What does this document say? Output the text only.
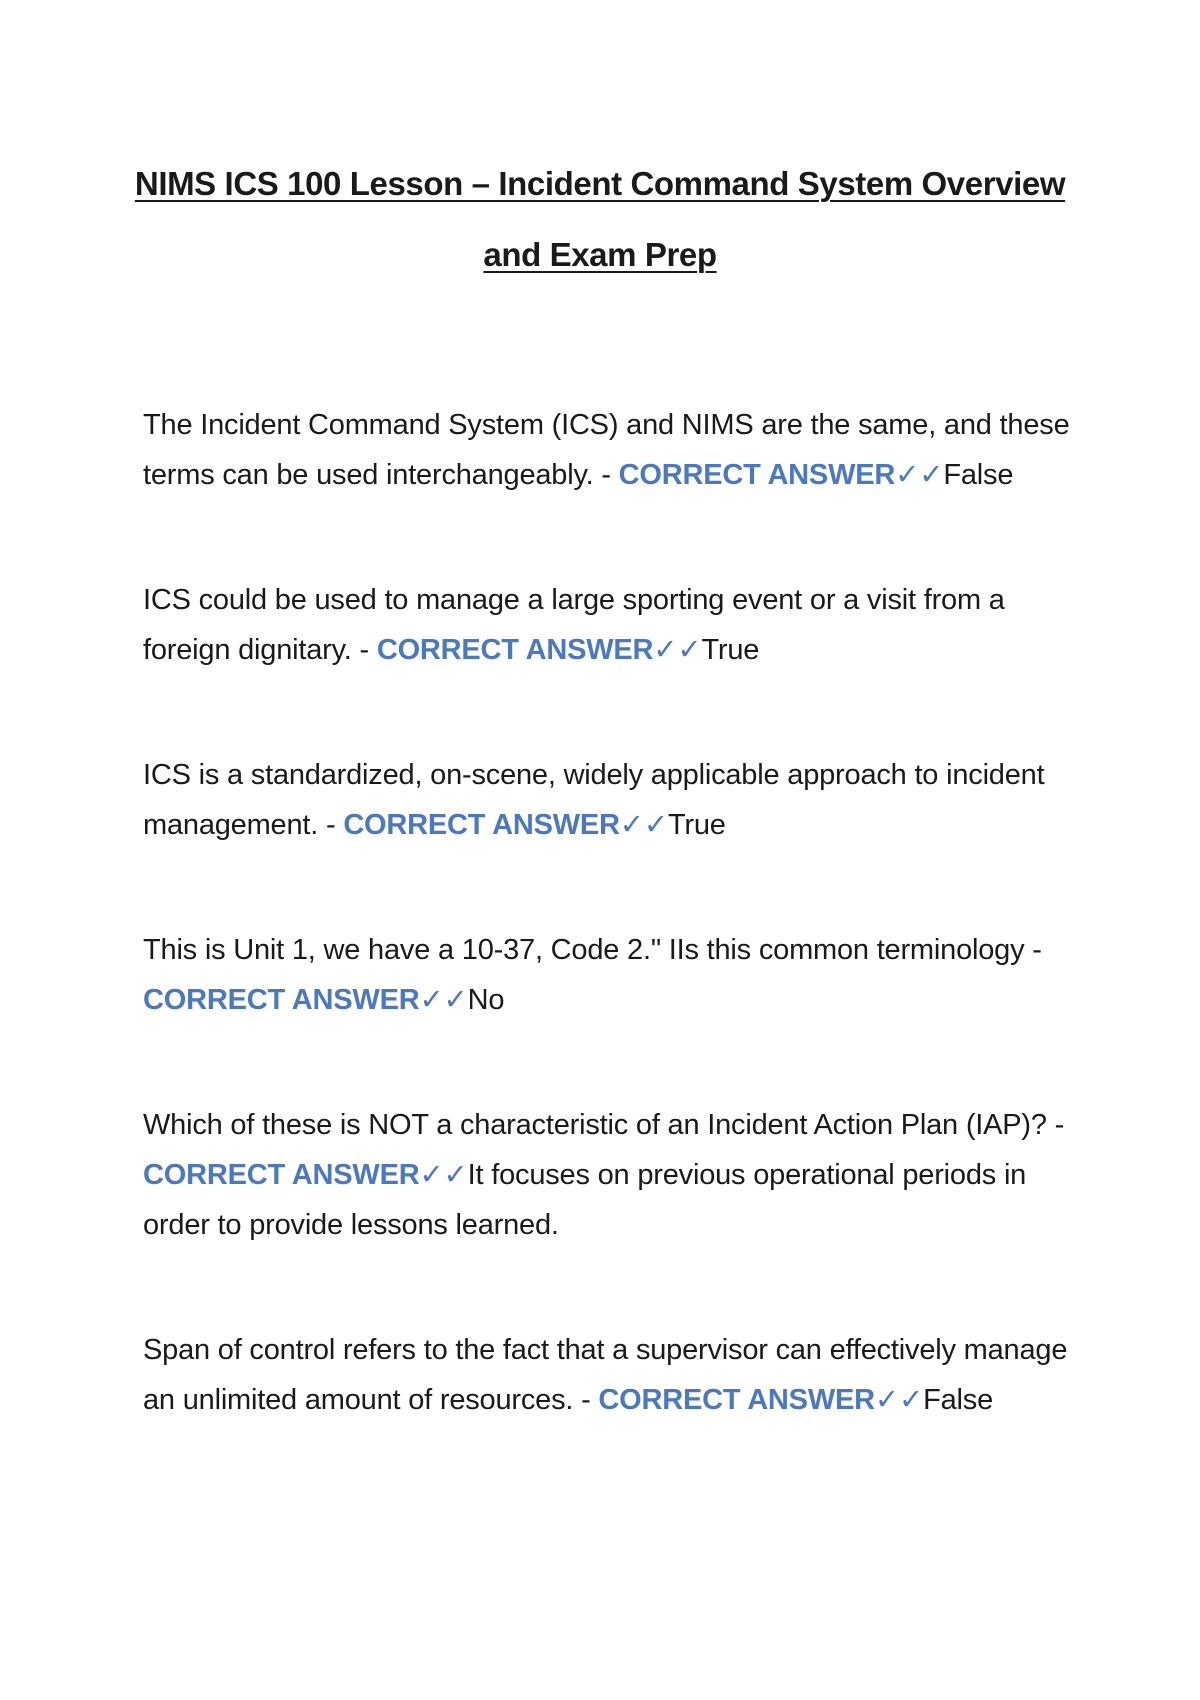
NIMS ICS 100 Lesson – Incident Command System Overview
and Exam Prep
The Incident Command System (ICS) and NIMS are the same, and these terms can be used interchangeably. - CORRECT ANSWER✓✓False
ICS could be used to manage a large sporting event or a visit from a foreign dignitary. - CORRECT ANSWER✓✓True
ICS is a standardized, on-scene, widely applicable approach to incident management. - CORRECT ANSWER✓✓True
This is Unit 1, we have a 10-37, Code 2." IIs this common terminology - CORRECT ANSWER✓✓No
Which of these is NOT a characteristic of an Incident Action Plan (IAP)? - CORRECT ANSWER✓✓It focuses on previous operational periods in order to provide lessons learned.
Span of control refers to the fact that a supervisor can effectively manage an unlimited amount of resources. - CORRECT ANSWER✓✓False
